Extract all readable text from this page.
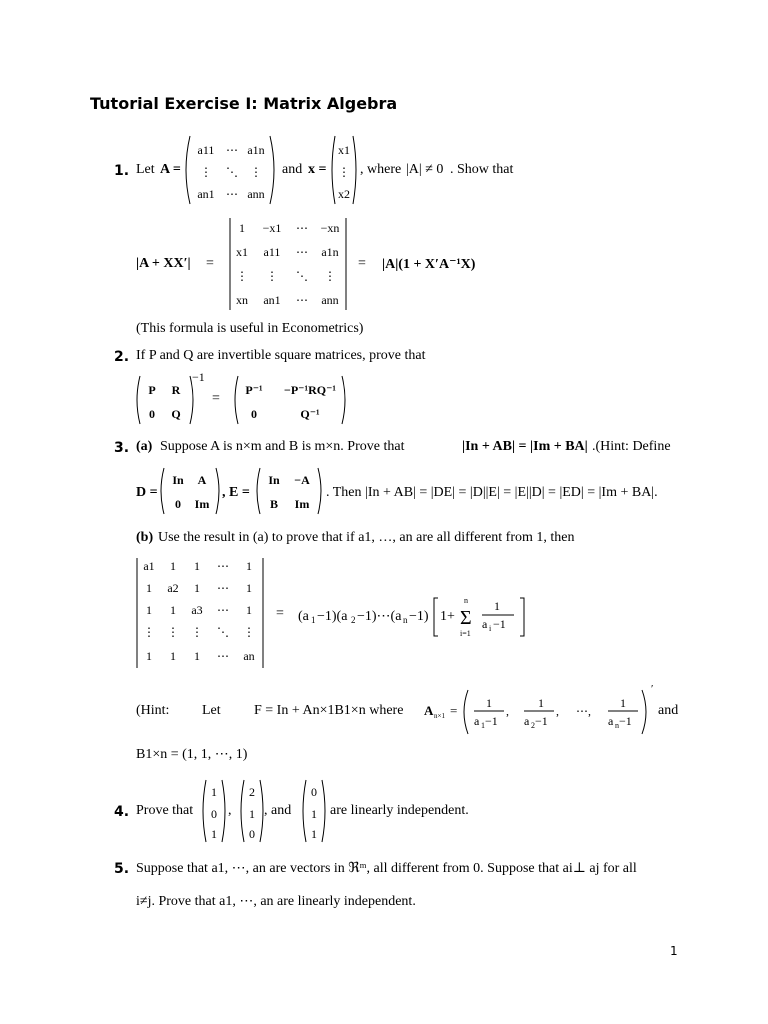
Tutorial Exercise I: Matrix Algebra
1. Let A =
a11 ⋯ a1n
⋮ ⋱ ⋮
an1 ⋯ ann
and x =
x1
⋮
x2
, where |A| ≠ 0 . Show that
|A + XX′| =
1 −x1 ⋯ −xn
x1 a11 ⋯ a1n
⋮ ⋮ ⋱ ⋮
xn an1 ⋯ ann
= |A|(1 + X′A⁻¹X)
(This formula is useful in Econometrics)
2. If P and Q are invertible square matrices, prove that
P R
0 Q
−1
=
P⁻¹ −P⁻¹RQ⁻¹
0	Q⁻¹
3. (a) Suppose A is n×m and B is m×n. Prove that	|In + AB| = |Im + BA| .(Hint: Define
D =
In A
0 Im
, E =
In −A
B Im
. Then |In + AB| = |DE| = |D||E| = |E||D| = |ED| = |Im + BA|.
(b) Use the result in (a) to prove that if a1, …, an are all different from 1, then
a1 1 1 ⋯ 1
1 a2 1 ⋯ 1
1 1 a3 ⋯ 1
⋮ ⋮ ⋮ ⋱ ⋮
1 1 1 ⋯ an
= (a 1 −1)(a 2 −1)⋯(a n −1) 1+ Σ
n
i=1
1
a i −1
(Hint: Let F = In + An×1B1×n where A n×1 = 1
a 1 −1
,
1
a 2 −1
, ⋯,
1
a n −1
′
and
B1×n = (1, 1, ⋯, 1)
4. Prove that
1
0
1
,
2
1
0
, and
0
1
1
are linearly independent.
5. Suppose that a1, ⋯, an are vectors in ℜᵐ, all different from 0. Suppose that ai⊥ aj for all
i≠j. Prove that a1, ⋯, an are linearly independent.
1
